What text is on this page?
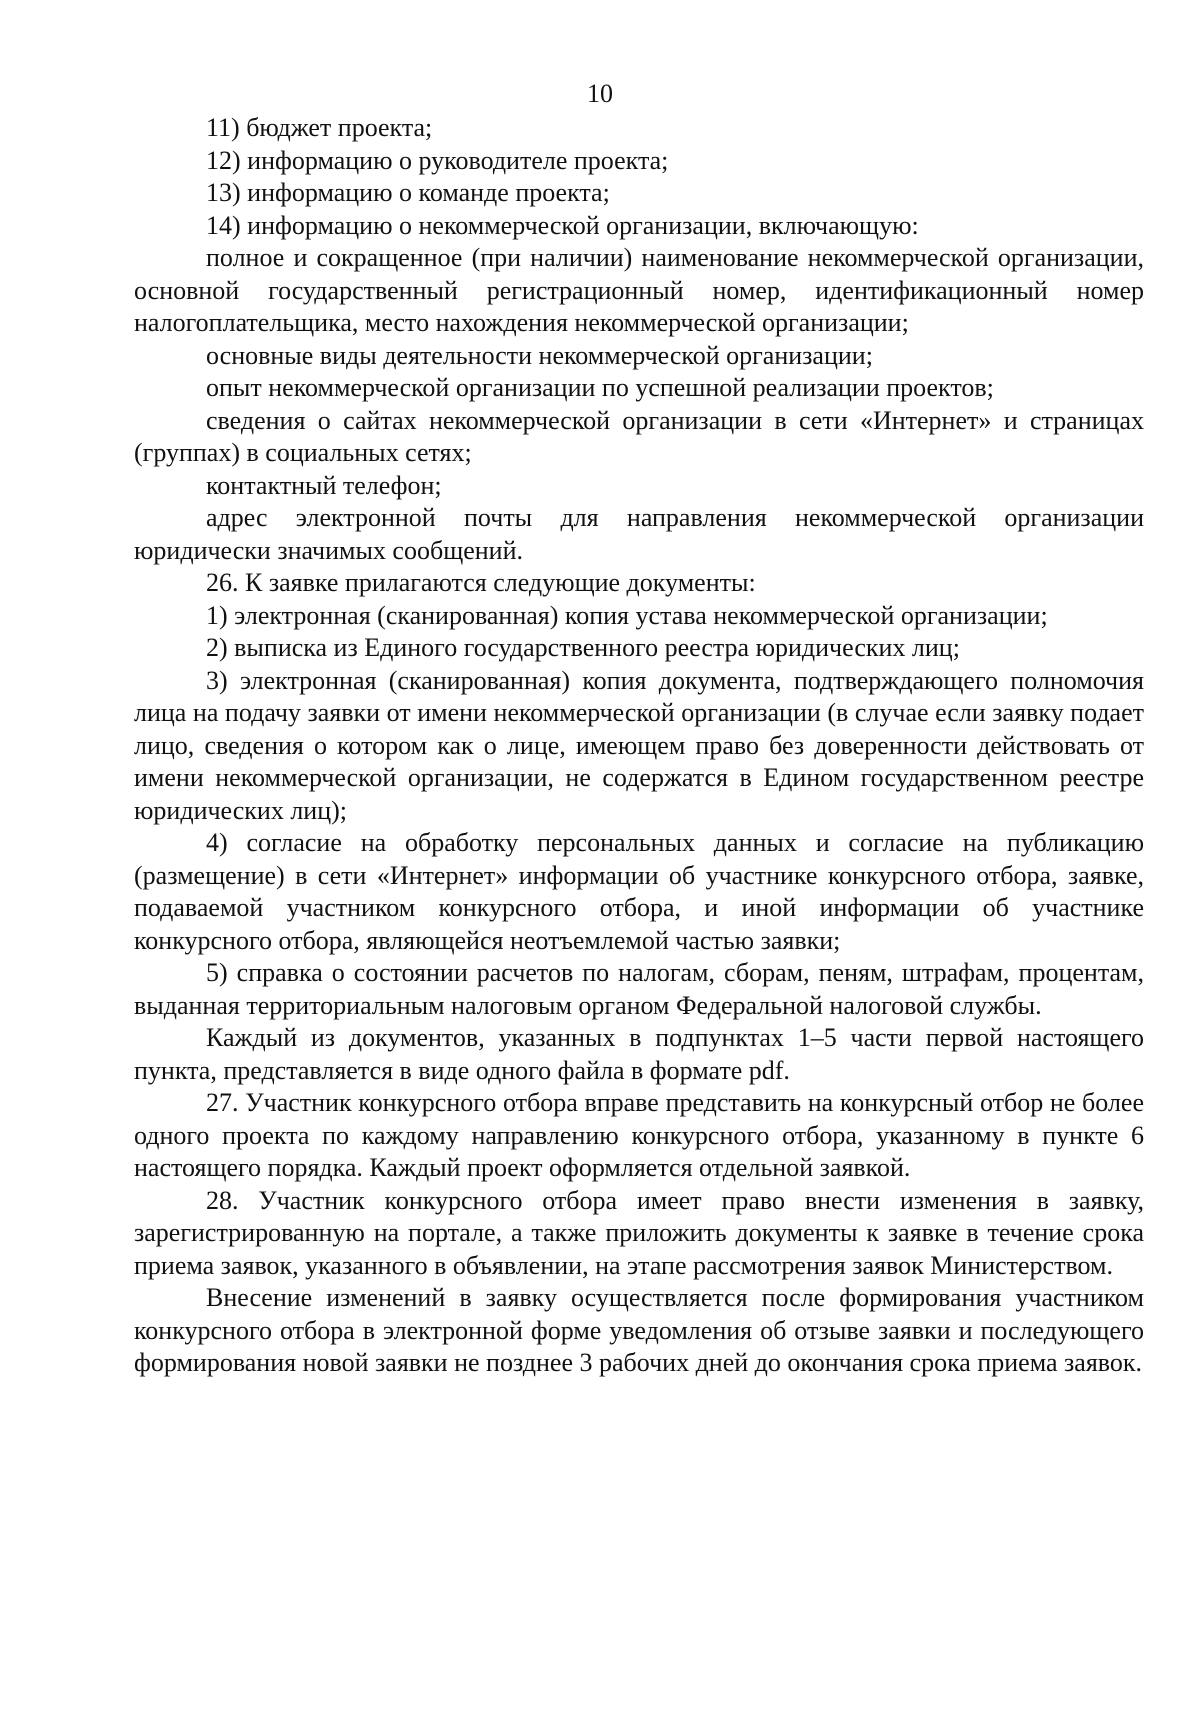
10

11) бюджет проекта;

12) информацию о руководителе проекта;

13) информацию о команде проекта;

14) информацию о некоммерческой организации, включающую:

полное и сокращенное (при наличии) наименование некоммерческой организации, основной государственный регистрационный номер, идентификационный номер налогоплательщика, место нахождения некоммерческой организации;

основные виды деятельности некоммерческой организации;

опыт некоммерческой организации по успешной реализации проектов;

сведения о сайтах некоммерческой организации в сети «Интернет» и страницах (группах) в социальных сетях;

контактный телефон;

адрес электронной почты для направления некоммерческой организации юридически значимых сообщений.

26. К заявке прилагаются следующие документы:

1) электронная (сканированная) копия устава некоммерческой организации;

2) выписка из Единого государственного реестра юридических лиц;

3) электронная (сканированная) копия документа, подтверждающего полномочия лица на подачу заявки от имени некоммерческой организации (в случае если заявку подает лицо, сведения о котором как о лице, имеющем право без доверенности действовать от имени некоммерческой организации, не содержатся в Едином государственном реестре юридических лиц);

4) согласие на обработку персональных данных и согласие на публикацию (размещение) в сети «Интернет» информации об участнике конкурсного отбора, заявке, подаваемой участником конкурсного отбора, и иной информации об участнике конкурсного отбора, являющейся неотъемлемой частью заявки;

5) справка о состоянии расчетов по налогам, сборам, пеням, штрафам, процентам, выданная территориальным налоговым органом Федеральной налоговой службы.

Каждый из документов, указанных в подпунктах 1–5 части первой настоящего пункта, представляется в виде одного файла в формате pdf.

27. Участник конкурсного отбора вправе представить на конкурсный отбор не более одного проекта по каждому направлению конкурсного отбора, указанному в пункте 6 настоящего порядка. Каждый проект оформляется отдельной заявкой.

28. Участник конкурсного отбора имеет право внести изменения в заявку, зарегистрированную на портале, а также приложить документы к заявке в течение срока приема заявок, указанного в объявлении, на этапе рассмотрения заявок Министерством.

Внесение изменений в заявку осуществляется после формирования участником конкурсного отбора в электронной форме уведомления об отзыве заявки и последующего формирования новой заявки не позднее 3 рабочих дней до окончания срока приема заявок.
